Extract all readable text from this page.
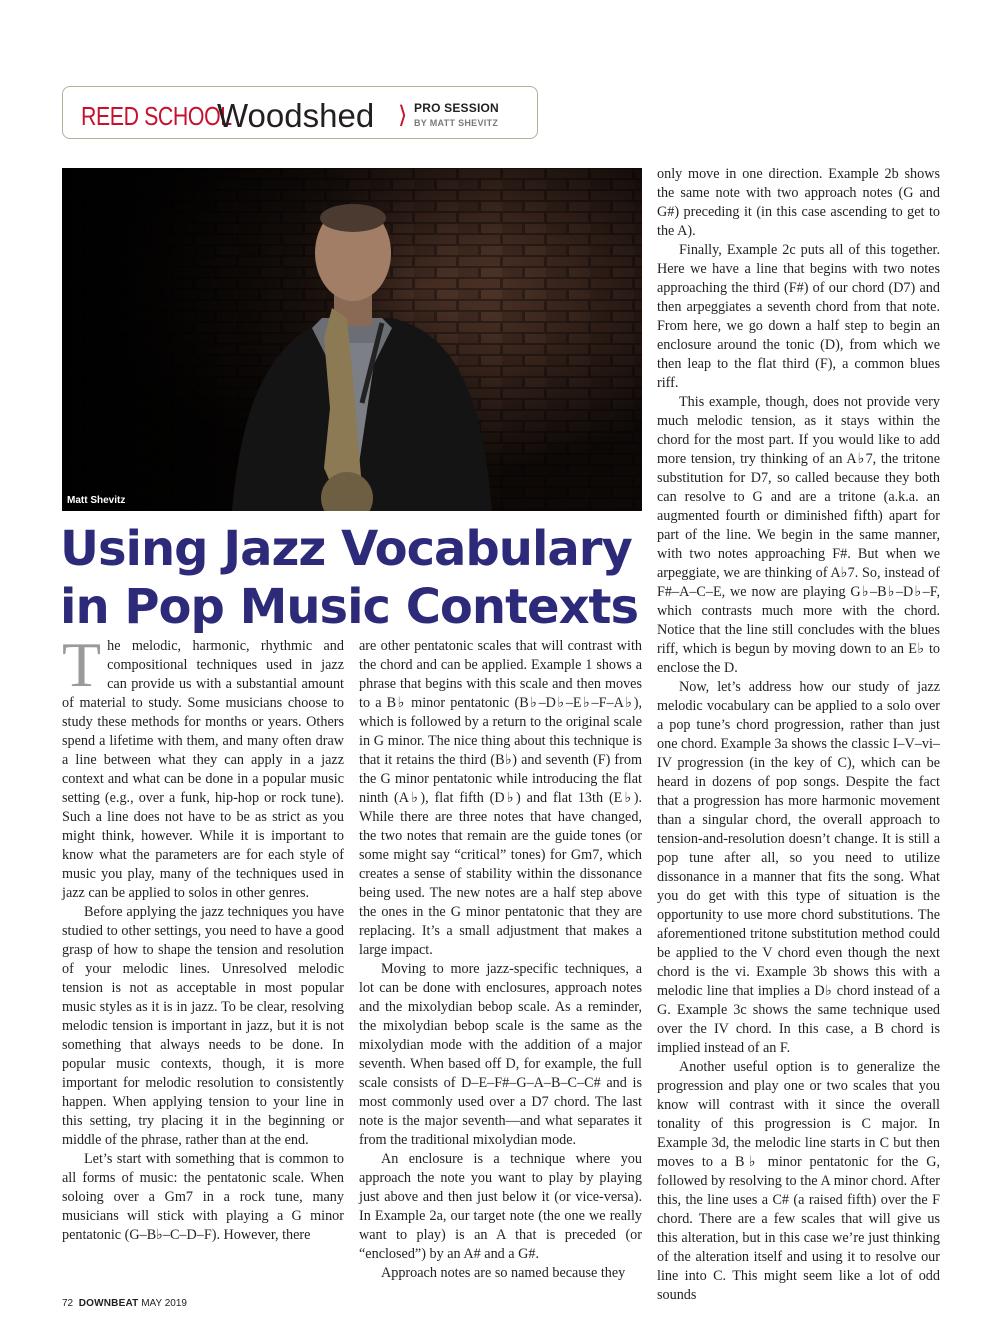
REED SCHOOL
Woodshed ⟩ PRO SESSION
BY MATT SHEVITZ
Matt Shevitz
Using Jazz Vocabulary in Pop Music Contexts

The melodic, harmonic, rhythmic and compositional techniques used in jazz can provide us with a substantial amount of material to study. Some musicians choose to study these methods for months or years. Others spend a lifetime with them, and many often draw a line between what they can apply in a jazz context and what can be done in a popular music setting (e.g., over a funk, hip-hop or rock tune). Such a line does not have to be as strict as you might think, however. While it is important to know what the parameters are for each style of music you play, many of the techniques used in jazz can be applied to solos in other genres.

Before applying the jazz techniques you have studied to other settings, you need to have a good grasp of how to shape the tension and resolution of your melodic lines. Unresolved melodic tension is not as acceptable in most popular music styles as it is in jazz. To be clear, resolving melodic tension is important in jazz, but it is not something that always needs to be done. In popular music contexts, though, it is more important for melodic resolution to consistently happen. When applying tension to your line in this setting, try placing it in the beginning or middle of the phrase, rather than at the end.

Let’s start with something that is common to all forms of music: the pentatonic scale. When soloing over a Gm7 in a rock tune, many musicians will stick with playing a G minor pentatonic (G–B♭–C–D–F). However, there

are other pentatonic scales that will contrast with the chord and can be applied. Example 1 shows a phrase that begins with this scale and then moves to a B♭ minor pentatonic (B♭–D♭–E♭–F–A♭), which is followed by a return to the original scale in G minor. The nice thing about this technique is that it retains the third (B♭) and seventh (F) from the G minor pentatonic while introducing the flat ninth (A♭), flat fifth (D♭) and flat 13th (E♭). While there are three notes that have changed, the two notes that remain are the guide tones (or some might say “critical” tones) for Gm7, which creates a sense of stability within the dissonance being used. The new notes are a half step above the ones in the G minor pentatonic that they are replacing. It’s a small adjustment that makes a large impact.

Moving to more jazz-specific techniques, a lot can be done with enclosures, approach notes and the mixolydian bebop scale. As a reminder, the mixolydian bebop scale is the same as the mixolydian mode with the addition of a major seventh. When based off D, for example, the full scale consists of D–E–F#–G–A–B–C–C# and is most commonly used over a D7 chord. The last note is the major seventh—and what separates it from the traditional mixolydian mode.

An enclosure is a technique where you approach the note you want to play by playing just above and then just below it (or vice-versa). In Example 2a, our target note (the one we really want to play) is an A that is preceded (or “enclosed”) by an A# and a G#.

Approach notes are so named because they

only move in one direction. Example 2b shows the same note with two approach notes (G and G#) preceding it (in this case ascending to get to the A).

Finally, Example 2c puts all of this together. Here we have a line that begins with two notes approaching the third (F#) of our chord (D7) and then arpeggiates a seventh chord from that note. From here, we go down a half step to begin an enclosure around the tonic (D), from which we then leap to the flat third (F), a common blues riff.

This example, though, does not provide very much melodic tension, as it stays within the chord for the most part. If you would like to add more tension, try thinking of an A♭7, the tritone substitution for D7, so called because they both can resolve to G and are a tritone (a.k.a. an augmented fourth or diminished fifth) apart for part of the line. We begin in the same manner, with two notes approaching F#. But when we arpeggiate, we are thinking of A♭7. So, instead of F#–A–C–E, we now are playing G♭–B♭–D♭–F, which contrasts much more with the chord. Notice that the line still concludes with the blues riff, which is begun by moving down to an E♭ to enclose the D.

Now, let’s address how our study of jazz melodic vocabulary can be applied to a solo over a pop tune’s chord progression, rather than just one chord. Example 3a shows the classic I–V–vi–IV progression (in the key of C), which can be heard in dozens of pop songs. Despite the fact that a progression has more harmonic movement than a singular chord, the overall approach to tension-and-resolution doesn’t change. It is still a pop tune after all, so you need to utilize dissonance in a manner that fits the song. What you do get with this type of situation is the opportunity to use more chord substitutions. The aforementioned tritone substitution method could be applied to the V chord even though the next chord is the vi. Example 3b shows this with a melodic line that implies a D♭ chord instead of a G. Example 3c shows the same technique used over the IV chord. In this case, a B chord is implied instead of an F.

Another useful option is to generalize the progression and play one or two scales that you know will contrast with it since the overall tonality of this progression is C major. In Example 3d, the melodic line starts in C but then moves to a B♭ minor pentatonic for the G, followed by resolving to the A minor chord. After this, the line uses a C# (a raised fifth) over the F chord. There are a few scales that will give us this alteration, but in this case we’re just thinking of the alteration itself and using it to resolve our line into C. This might seem like a lot of odd sounds

72 DOWNBEAT MAY 2019
